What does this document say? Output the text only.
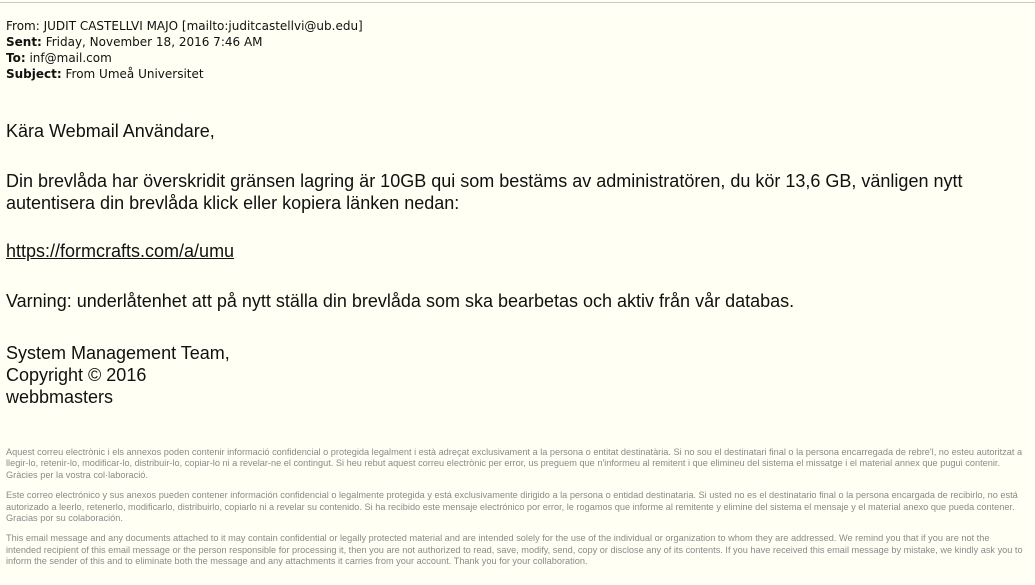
From: JUDIT CASTELLVI MAJO [mailto:juditcastellvi@ub.edu]
Sent: Friday, November 18, 2016 7:46 AM
To: inf@mail.com
Subject: From Umeå Universitet

Kära Webmail Användare,

Din brevlåda har överskridit gränsen lagring är 10GB qui som bestäms av administratören, du kör 13,6 GB, vänligen nytt autentisera din brevlåda klick eller kopiera länken nedan:

https://formcrafts.com/a/umu

Varning: underlåtenhet att på nytt ställa din brevlåda som ska bearbetas och aktiv från vår databas.

System Management Team,

Copyright © 2016

webbmasters

Aquest correu electrònic i els annexos poden contenir informació confidencial o protegida legalment i està adreçat exclusivament a la persona o entitat destinatària. Si no sou el destinatari final o la persona encarregada de rebre'l, no esteu autoritzat a llegir-lo, retenir-lo, modificar-lo, distribuir-lo, copiar-lo ni a revelar-ne el contingut. Si heu rebut aquest correu electrònic per error, us preguem que n'informeu al remitent i que elimineu del sistema el missatge i el material annex que pugui contenir. Gràcies per la vostra col·laboració.

Este correo electrónico y sus anexos pueden contener información confidencial o legalmente protegida y está exclusivamente dirigido a la persona o entidad destinataria. Si usted no es el destinatario final o la persona encargada de recibirlo, no está autorizado a leerlo, retenerlo, modificarlo, distribuirlo, copiarlo ni a revelar su contenido. Si ha recibido este mensaje electrónico por error, le rogamos que informe al remitente y elimine del sistema el mensaje y el material anexo que pueda contener. Gracias por su colaboración.

This email message and any documents attached to it may contain confidential or legally protected material and are intended solely for the use of the individual or organization to whom they are addressed. We remind you that if you are not the intended recipient of this email message or the person responsible for processing it, then you are not authorized to read, save, modify, send, copy or disclose any of its contents. If you have received this email message by mistake, we kindly ask you to inform the sender of this and to eliminate both the message and any attachments it carries from your account. Thank you for your collaboration.
